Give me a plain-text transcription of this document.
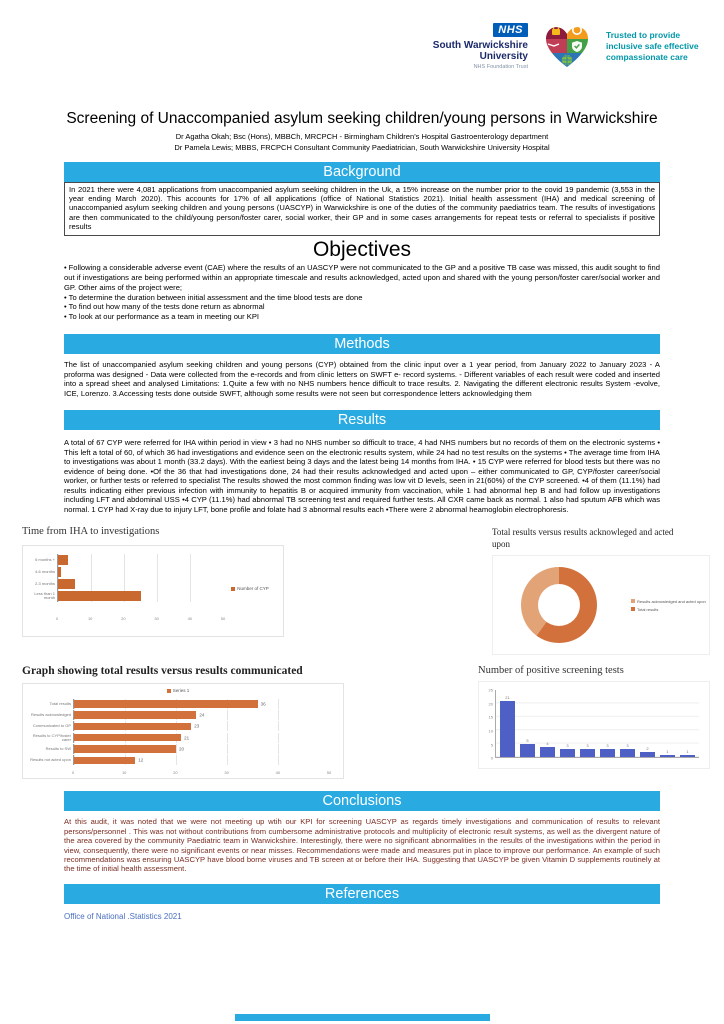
NHS
South Warwickshire University
NHS Foundation Trust
Trusted to provide inclusive safe effective compassionate care
Screening of Unaccompanied asylum seeking children/young persons in Warwickshire
Dr Agatha Okah; Bsc (Hons), MBBCh, MRCPCH - Birmingham Children’s Hospital Gastroenterology department
Dr Pamela Lewis; MBBS, FRCPCH Consultant Community Paediatrician, South Warwickshire University Hospital
Background

In 2021 there were 4,081 applications from unaccompanied asylum seeking children in the Uk, a 15% increase on the number prior to the covid 19 pandemic (3,553 in the year ending March 2020). This accounts for 17% of all applications (office of National Statistics 2021). Initial health assessment (IHA) and medical screening of unaccompanied asylum seeking children and young persons (UASCYP) in Warwickshire is one of the duties of the community paediatrics team. The results of investigations are then communicated to the child/young person/foster carer, social worker, their GP and in some cases arrangements for repeat tests or referral to specialists if positive results

Objectives
• Following a considerable adverse event (CAE) where the results of an UASCYP were not communicated to the GP and a positive TB case was missed, this audit sought to find out if investigations are being performed within an appropriate timescale and results acknowledged, acted upon and shared with the young person/foster carer/social worker and GP. Other aims of the project were;
• To determine the duration between initial assessment and the time blood tests are done
• To find out how many of the tests done return as abnormal
• To look at our performance as a team in meeting our KPI
Methods

The list of unaccompanied asylum seeking children and young persons (CYP) obtained from the clinic input over a 1 year period, from January 2022 to January 2023 - A proforma was designed - Data were collected from the e-records and from clinic letters on SWFT e- record systems. - Different variables of each result were coded and inserted into a spread sheet and analysed Limitations: 1.Quite a few with no NHS numbers hence difficult to trace results. 2. Navigating the different electronic results System -evolve, ICE, Lorenzo. 3.Accessing tests done outside SWFT, although some results were not seen but correspondence letters acknowledging them

Results

A total of 67 CYP were referred for IHA within period in view • 3 had no NHS number so difficult to trace, 4 had NHS numbers but no records of them on the electronic systems • This left a total of 60, of which 36 had investigations and evidence seen on the electronic results system, while 24 had no test results on the systems • The average time from IHA to investigations was about 1 month (33.2 days). With the earliest being 3 days and the latest being 14 months from IHA. • 15 CYP were referred for blood tests but there was no evidence of being done. •Of the 36 that had investigations done, 24 had their results acknowledged and acted upon – either communicated to GP, CYP/foster career/social worker, or further tests or referred to specialist The results showed the most common finding was low vit D levels, seen in 21(60%) of the CYP screened. •4 of them (11.1%) had results indicating either previous infection with immunity to hepatitis B or acquired immunity from vaccination, while 1 had abnormal hep B and had follow up investigations including LFT and abdominal USS •4 CYP (11.1%) had abnormal TB screening test and required further tests. All CXR came back as normal. 1 also had sputum AFB which was normal. 1 CYP had X-ray due to injury LFT, bone profile and folate had 3 abnormal results each •There were 2 abnormal heamoglobin electrophoresis.

Time from IHA to investigations
6 months +
4-6 months
2-3 months
Less than 1 month
0	10	20	30	40	50
Number of CYP
Total results versus results acknowleged and acted upon
Results acknowledged and acted upon
Total results
Graph showing total results versus results communicated
Series 1
Total results	36
Results acknowledged	24
Communicated to GP	23
Results to CYP/foster carer	21
Results to SW	20
Results not acted upon	12
0	10	20	30	40	50
Number of positive screening tests
0
5
10
15
20
25
21
5
4
3	3	3	3
2
1	1
Conclusions

At this audit, it was noted that we were not meeting up wtih our KPI for screening UASCYP as regards timely investigations and communication of results to relevant persons/personnel . This was not without contributions from cumbersome administrative protocols and multiplicity of electronic result systems, as well as the divergent nature of the area covered by the community Paediatric team in Warwickshire. Interestingly, there were no significant abnormalities in the results of the investigations within the period in view, consequently, there were no significant events or near misses. Recommendations were made and measures put in place to improve our performance. An example of such recommendations was ensuring UASCYP have blood borne viruses and TB screen at or before their IHA. Suggesting that UASCYP be given Vitamin D supplements routinely at the time of initial health assessment.

References

Office of National .Statistics 2021
